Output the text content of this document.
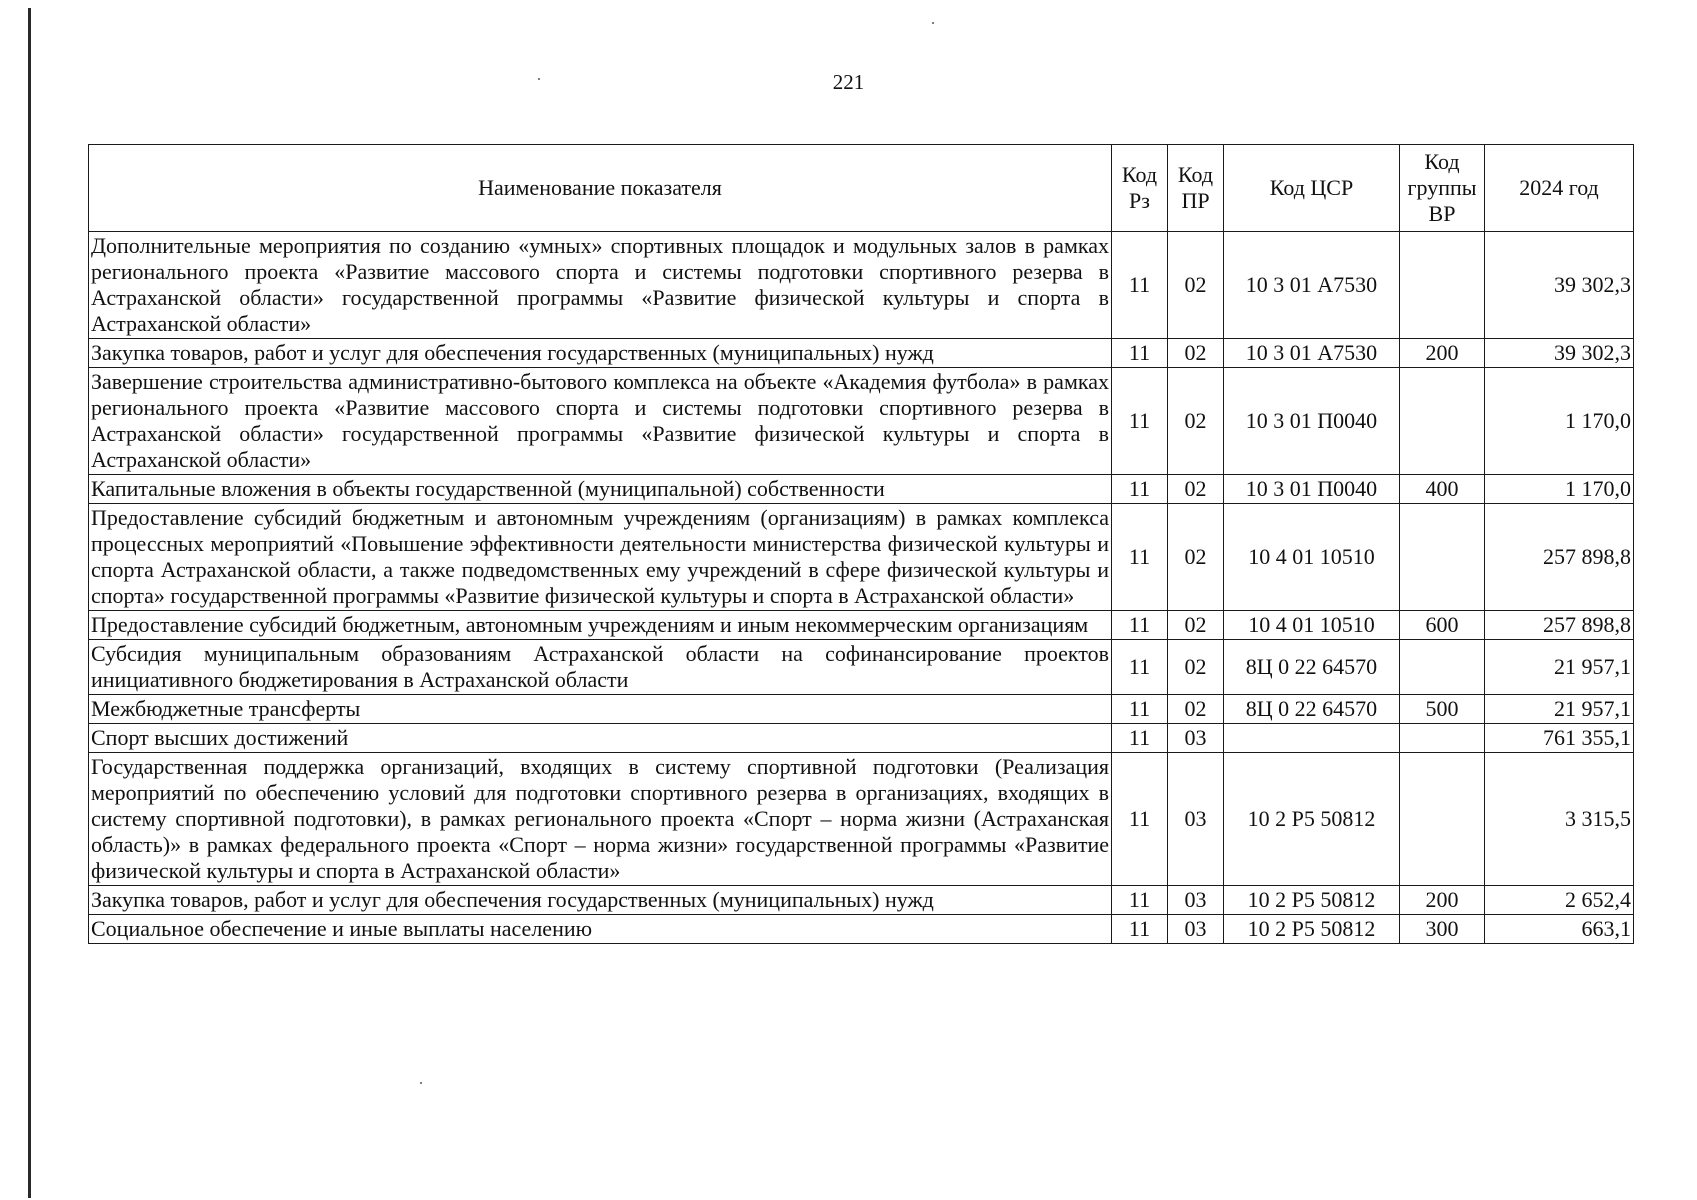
221
Наименование показателя	Код Рз	Код ПР	Код ЦСР	Код группы ВР	2024 год
Дополнительные мероприятия по созданию «умных» спортивных площадок и модульных залов в рамках регионального проекта «Развитие массового спорта и системы подготовки спортивного резерва в Астраханской области» государственной программы «Развитие физической культуры и спорта в Астраханской области»	11	02	10 3 01 А7530		39 302,3
Закупка товаров, работ и услуг для обеспечения государственных (муниципальных) нужд	11	02	10 3 01 А7530	200	39 302,3
Завершение строительства административно-бытового комплекса на объекте «Академия футбола» в рамках регионального проекта «Развитие массового спорта и системы подготовки спортивного резерва в Астраханской области» государственной программы «Развитие физической культуры и спорта в Астраханской области»	11	02	10 3 01 П0040		1 170,0
Капитальные вложения в объекты государственной (муниципальной) собственности	11	02	10 3 01 П0040	400	1 170,0
Предоставление субсидий бюджетным и автономным учреждениям (организациям) в рамках комплекса процессных мероприятий «Повышение эффективности деятельности министерства физической культуры и спорта Астраханской области, а также подведомственных ему учреждений в сфере физической культуры и спорта» государственной программы «Развитие физической культуры и спорта в Астраханской области»	11	02	10 4 01 10510		257 898,8
Предоставление субсидий бюджетным, автономным учреждениям и иным некоммерческим организациям	11	02	10 4 01 10510	600	257 898,8
Субсидия муниципальным образованиям Астраханской области на софинансирование проектов инициативного бюджетирования в Астраханской области	11	02	8Ц 0 22 64570		21 957,1
Межбюджетные трансферты	11	02	8Ц 0 22 64570	500	21 957,1
Спорт высших достижений	11	03			761 355,1
Государственная поддержка организаций, входящих в систему спортивной подготовки (Реализация мероприятий по обеспечению условий для подготовки спортивного резерва в организациях, входящих в систему спортивной подготовки), в рамках регионального проекта «Спорт – норма жизни (Астраханская область)» в рамках федерального проекта «Спорт – норма жизни» государственной программы «Развитие физической культуры и спорта в Астраханской области»	11	03	10 2 Р5 50812		3 315,5
Закупка товаров, работ и услуг для обеспечения государственных (муниципальных) нужд	11	03	10 2 Р5 50812	200	2 652,4
Социальное обеспечение и иные выплаты населению	11	03	10 2 Р5 50812	300	663,1
